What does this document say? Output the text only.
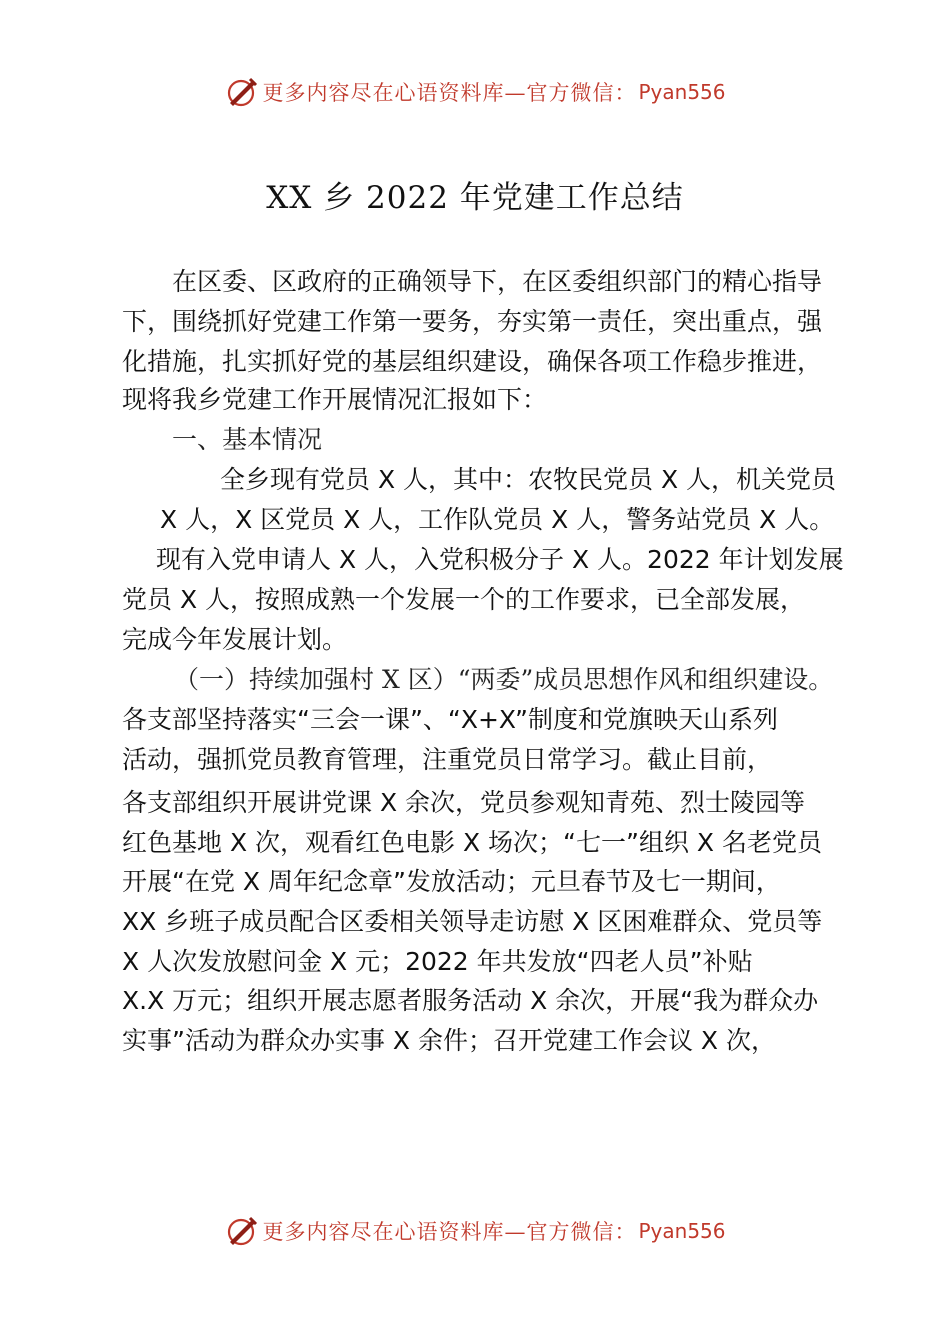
更多内容尽在心语资料库—官方微信： Pyan556
XX 乡 2022 年党建工作总结
在区委、区政府的正确领导下，在区委组织部门的精心指导
下，围绕抓好党建工作第一要务，夯实第一责任，突出重点，强
化措施，扎实抓好党的基层组织建设，确保各项工作稳步推进，
现将我乡党建工作开展情况汇报如下：
一、基本情况
全乡现有党员 X 人，其中：农牧民党员 X 人，机关党员
X 人，X 区党员 X 人，工作队党员 X 人，警务站党员 X 人。
现有入党申请人 X 人，入党积极分子 X 人。2022 年计划发展
党员 X 人，按照成熟一个发展一个的工作要求，已全部发展，
完成今年发展计划。
（一）持续加强村 X 区）“两委”成员思想作风和组织建设。
各支部坚持落实“三会一课”、“X+X”制度和党旗映天山系列
活动，强抓党员教育管理，注重党员日常学习。截止目前，
各支部组织开展讲党课 X 余次，党员参观知青苑、烈士陵园等
红色基地 X 次，观看红色电影 X 场次；“七一”组织 X 名老党员
开展“在党 X 周年纪念章”发放活动；元旦春节及七一期间，
XX 乡班子成员配合区委相关领导走访慰 X 区困难群众、党员等
X 人次发放慰问金 X 元；2022 年共发放“四老人员”补贴
X.X 万元；组织开展志愿者服务活动 X 余次，开展“我为群众办
实事”活动为群众办实事 X 余件；召开党建工作会议 X 次，
更多内容尽在心语资料库—官方微信： Pyan556
